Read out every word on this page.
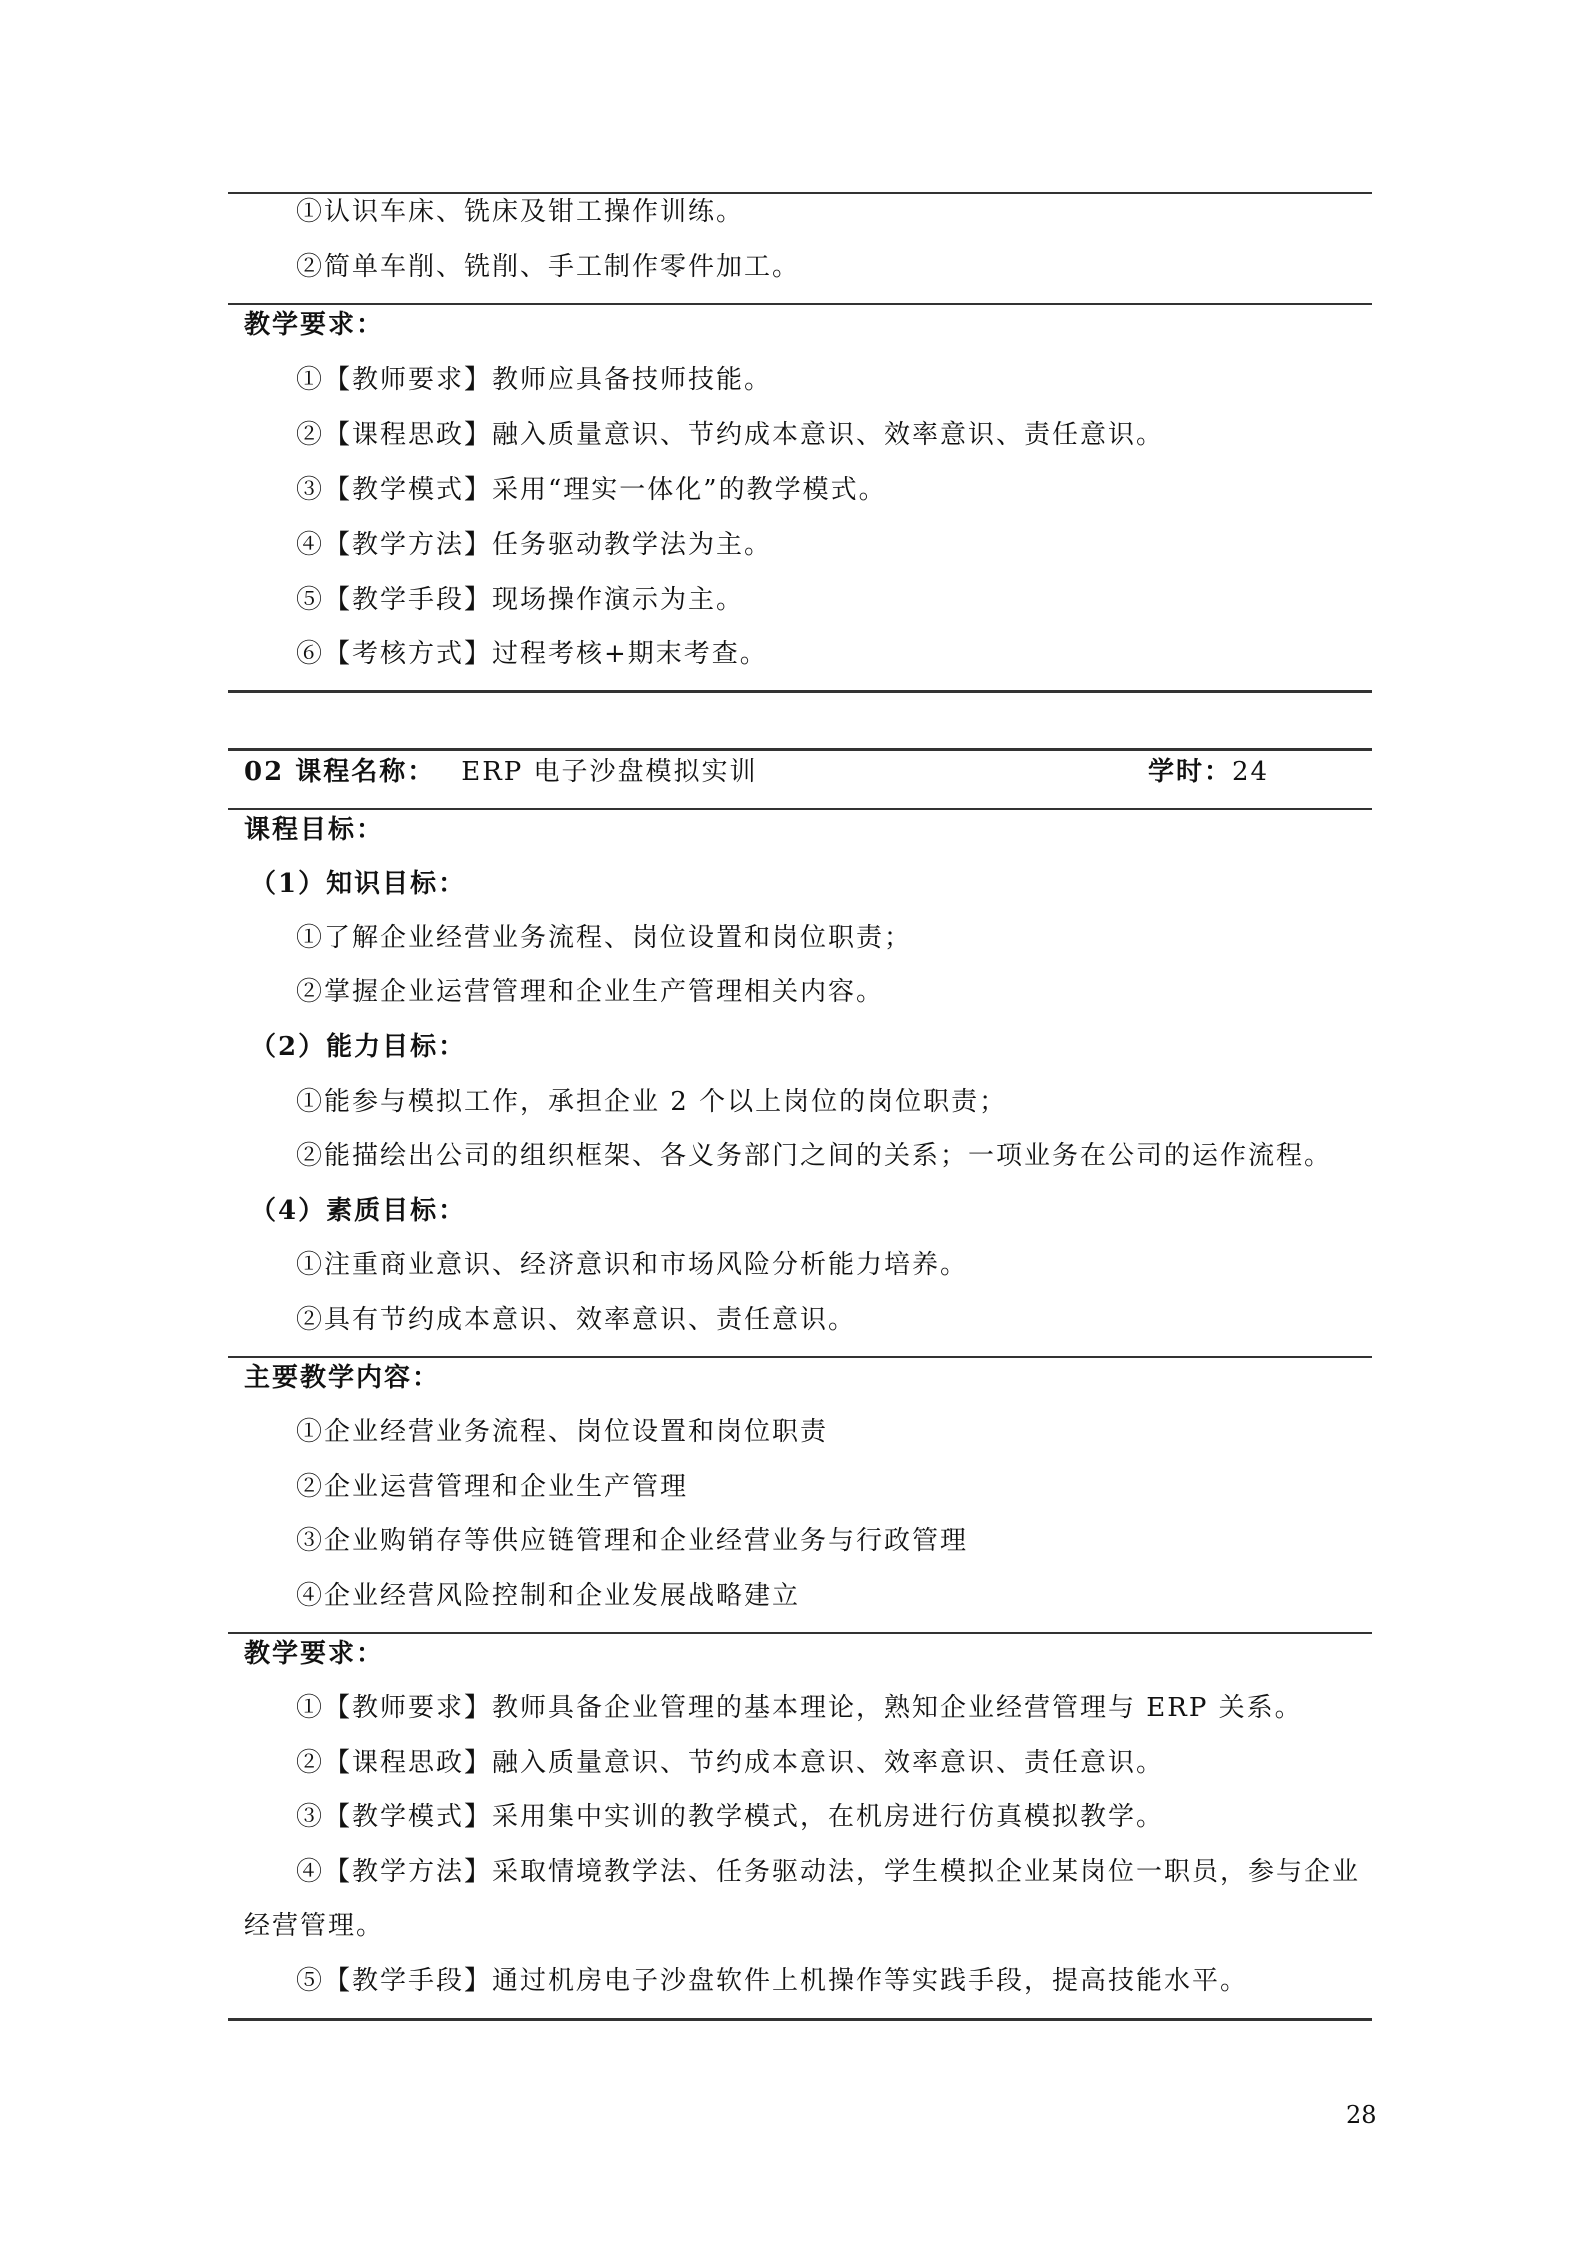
①认识车床、铣床及钳工操作训练。
②简单车削、铣削、手工制作零件加工。
教学要求：
①【教师要求】教师应具备技师技能。
②【课程思政】融入质量意识、节约成本意识、效率意识、责任意识。
③【教学模式】采用“理实一体化”的教学模式。
④【教学方法】任务驱动教学法为主。
⑤【教学手段】现场操作演示为主。
⑥【考核方式】过程考核+期末考查。
02 课程名称： ERP 电子沙盘模拟实训	学时：24
课程目标：
（1）知识目标：
①了解企业经营业务流程、岗位设置和岗位职责；
②掌握企业运营管理和企业生产管理相关内容。
（2）能力目标：
①能参与模拟工作，承担企业 2 个以上岗位的岗位职责；
②能描绘出公司的组织框架、各义务部门之间的关系；一项业务在公司的运作流程。
（4）素质目标：
①注重商业意识、经济意识和市场风险分析能力培养。
②具有节约成本意识、效率意识、责任意识。
主要教学内容：
①企业经营业务流程、岗位设置和岗位职责
②企业运营管理和企业生产管理
③企业购销存等供应链管理和企业经营业务与行政管理
④企业经营风险控制和企业发展战略建立
教学要求：
①【教师要求】教师具备企业管理的基本理论，熟知企业经营管理与 ERP 关系。
②【课程思政】融入质量意识、节约成本意识、效率意识、责任意识。
③【教学模式】采用集中实训的教学模式，在机房进行仿真模拟教学。
④【教学方法】采取情境教学法、任务驱动法，学生模拟企业某岗位一职员，参与企业
经营管理。
⑤【教学手段】通过机房电子沙盘软件上机操作等实践手段，提高技能水平。
28
